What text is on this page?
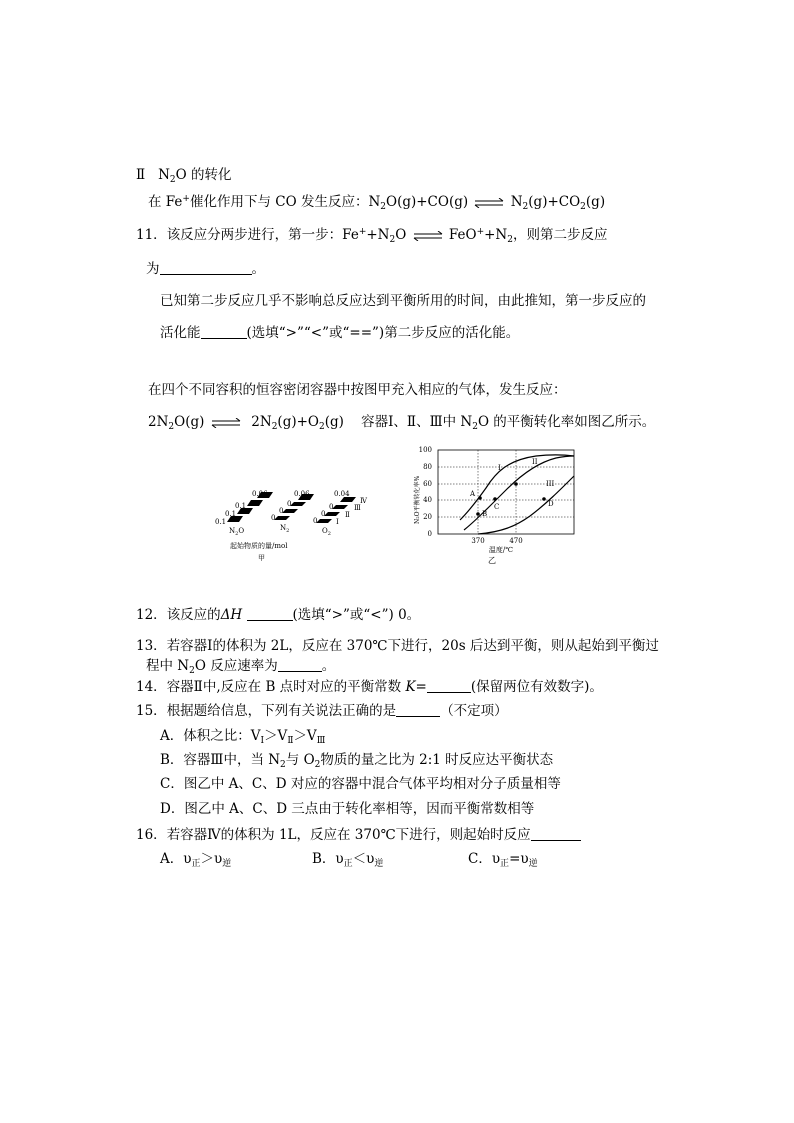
Ⅱ $N_2O$ 的转化
在 Fe+催化作用下与 CO 发生反应：$N_2O(g)+CO(g)$ ⇌ $N_2(g)+CO_2(g)$
11．该反应分两步进行，第一步：$Fe^++N_2O$ ⇌ $FeO^++N_2$，则第二步反应
为	。
已知第二步反应几乎不影响总反应达到平衡所用的时间，由此推知，第一步反应的
活化能	(选填“>”“<”或“==”)第二步反应的活化能。
在四个不同容积的恒容密闭容器中按图甲充入相应的气体，发生反应：
$2N_2O(g)$ ⇌ $2N_2(g)+O_2(g)$ 容器Ⅰ、Ⅱ、Ⅲ中 $N_2O$ 的平衡转化率如图乙所示。
0.1
0.1
0.1
0.06
$N_2O$
0
0
0
0.06
$N_2$
0
0
0
0.04
$O_2$
Ⅰ
Ⅱ
Ⅲ
Ⅳ
起始物质的量/mol
甲
0
20
40
60
80
100
370	470
温度/℃
乙
N₂O平衡转化率%
I
II
III
A
B
C	D
12．该反应的ΔH	(选填“>”或“<”) 0。
13．若容器Ⅰ的体积为 2L，反应在 370℃下进行，20s 后达到平衡，则从起始到平衡过
程中 $N_2O$ 反应速率为	。
14．容器Ⅱ中,反应在 B 点时对应的平衡常数 K=	(保留两位有效数字)。
15．根据题给信息，下列有关说法正确的是	（不定项）
A．体积之比：$V_Ⅰ>V_Ⅱ>V_Ⅲ$
B．容器Ⅲ中，当 $N_2$与 $O_2$物质的量之比为 2:1 时反应达平衡状态
C．图乙中 A、C、D 对应的容器中混合气体平均相对分子质量相等
D．图乙中 A、C、D 三点由于转化率相等，因而平衡常数相等
16．若容器Ⅳ的体积为 1L，反应在 370℃下进行，则起始时反应
A．$\upsilon_正>\upsilon_逆$	B．$\upsilon_正<\upsilon_逆$	C．$\upsilon_正=\upsilon_逆$
